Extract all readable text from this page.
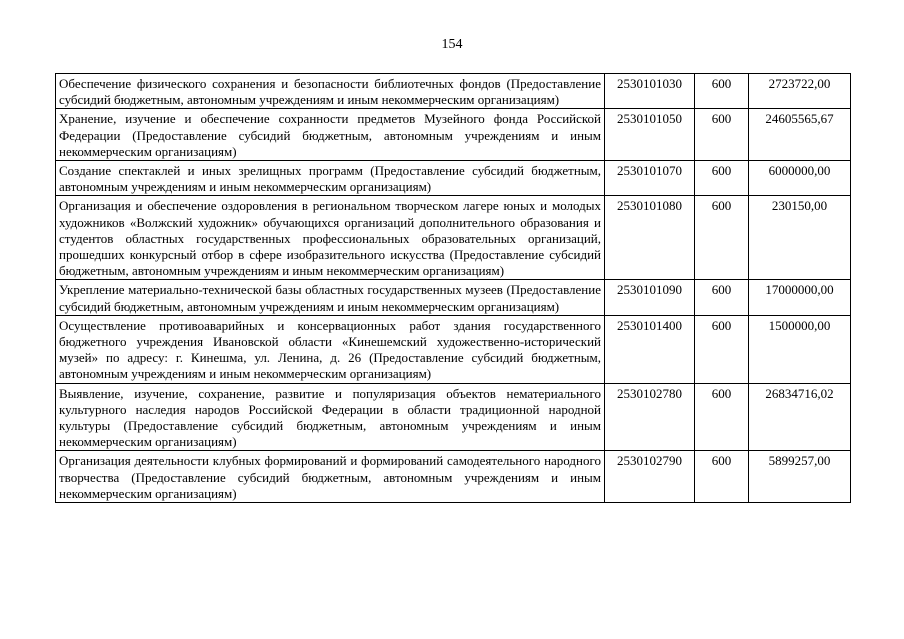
154
Обеспечение физического сохранения и безопасности библиотечных фондов (Предоставление субсидий бюджетным, автономным учреждениям и иным некоммерческим организациям)	2530101030	600	2723722,00
Хранение, изучение и обеспечение сохранности предметов Музейного фонда Российской Федерации (Предоставление субсидий бюджетным, автономным учреждениям и иным некоммерческим организациям)	2530101050	600	24605565,67
Создание спектаклей и иных зрелищных программ (Предоставление субсидий бюджетным, автономным учреждениям и иным некоммерческим организациям)	2530101070	600	6000000,00
Организация и обеспечение оздоровления в региональном творческом лагере юных и молодых художников «Волжский художник» обучающихся организаций дополнительного образования и студентов областных государственных профессиональных образовательных организаций, прошедших конкурсный отбор в сфере изобразительного искусства (Предоставление субсидий бюджетным, автономным учреждениям и иным некоммерческим организациям)	2530101080	600	230150,00
Укрепление материально-технической базы областных государственных музеев (Предоставление субсидий бюджетным, автономным учреждениям и иным некоммерческим организациям)	2530101090	600	17000000,00
Осуществление противоаварийных и консервационных работ здания государственного бюджетного учреждения Ивановской области «Кинешемский художественно-исторический музей» по адресу: г. Кинешма, ул. Ленина, д. 26 (Предоставление субсидий бюджетным, автономным учреждениям и иным некоммерческим организациям)	2530101400	600	1500000,00
Выявление, изучение, сохранение, развитие и популяризация объектов нематериального культурного наследия народов Российской Федерации в области традиционной народной культуры (Предоставление субсидий бюджетным, автономным учреждениям и иным некоммерческим организациям)	2530102780	600	26834716,02
Организация деятельности клубных формирований и формирований самодеятельного народного творчества (Предоставление субсидий бюджетным, автономным учреждениям и иным некоммерческим организациям)	2530102790	600	5899257,00
